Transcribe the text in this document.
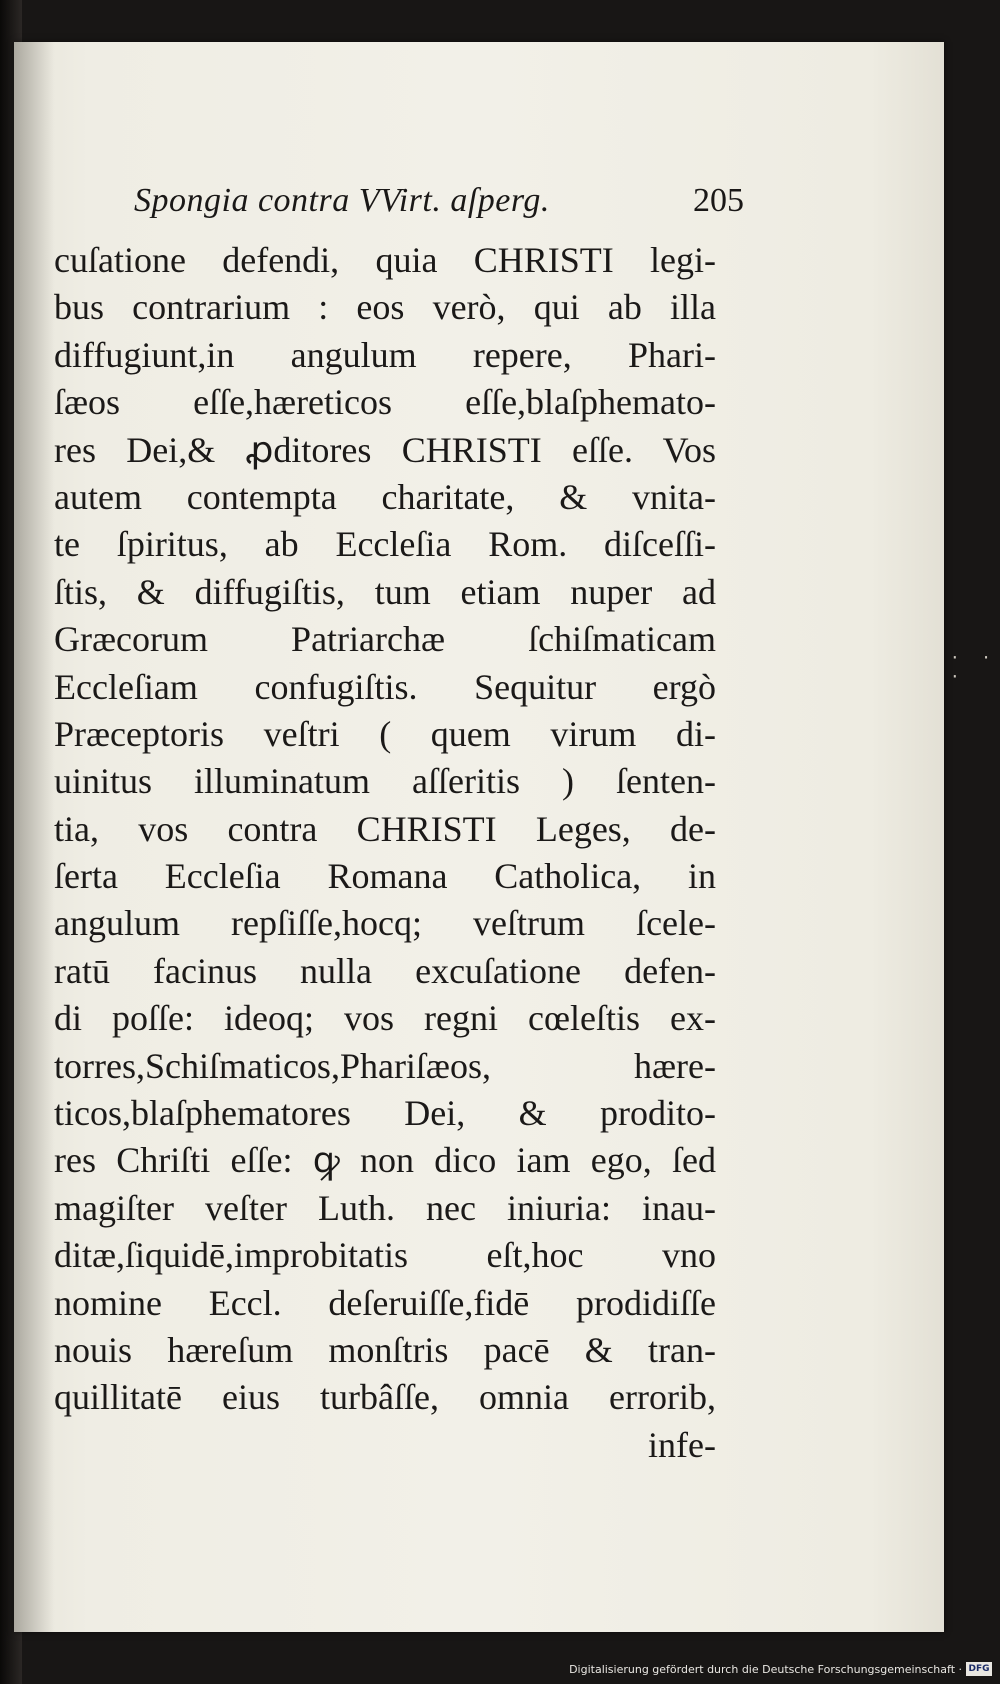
Spongia contra VVirt. aſperg.	205
cuſatione defendi, quia CHRISTI legi-
bus contrarium : eos verò, qui ab illa
diffugiunt,in angulum repere, Phari-
ſæos eſſe,hæreticos eſſe,blaſphemato-
res Dei,& ꝓditores CHRISTI eſſe. Vos
autem contempta charitate, & vnita-
te ſpiritus, ab Eccleſia Rom. diſceſſi-
ſtis, & diffugiſtis, tum etiam nuper ad
Græcorum Patriarchæ ſchiſmaticam
Eccleſiam confugiſtis. Sequitur ergò
Præceptoris veſtri ( quem virum di-
uinitus illuminatum aſſeritis ) ſenten-
tia, vos contra CHRISTI Leges, de-
ſerta Eccleſia Romana Catholica, in
angulum repſiſſe,hocq; veſtrum ſcele-
ratū facinus nulla excuſatione defen-
di poſſe: ideoq; vos regni cœleſtis ex-
torres,Schiſmaticos,Phariſæos, hære-
ticos,blaſphematores Dei, & prodito-
res Chriſti eſſe: ꝙ non dico iam ego, ſed
magiſter veſter Luth. nec iniuria: inau-
ditæ,ſiquidē,improbitatis eſt,hoc vno
nomine Eccl. deſeruiſſe,fidē prodidiſſe
nouis hæreſum monſtris pacē & tran-
quillitatē eius turbâſſe, omnia errorib,
infe-
· · ·
Digitalisierung gefördert durch die Deutsche Forschungsgemeinschaft · DFG
